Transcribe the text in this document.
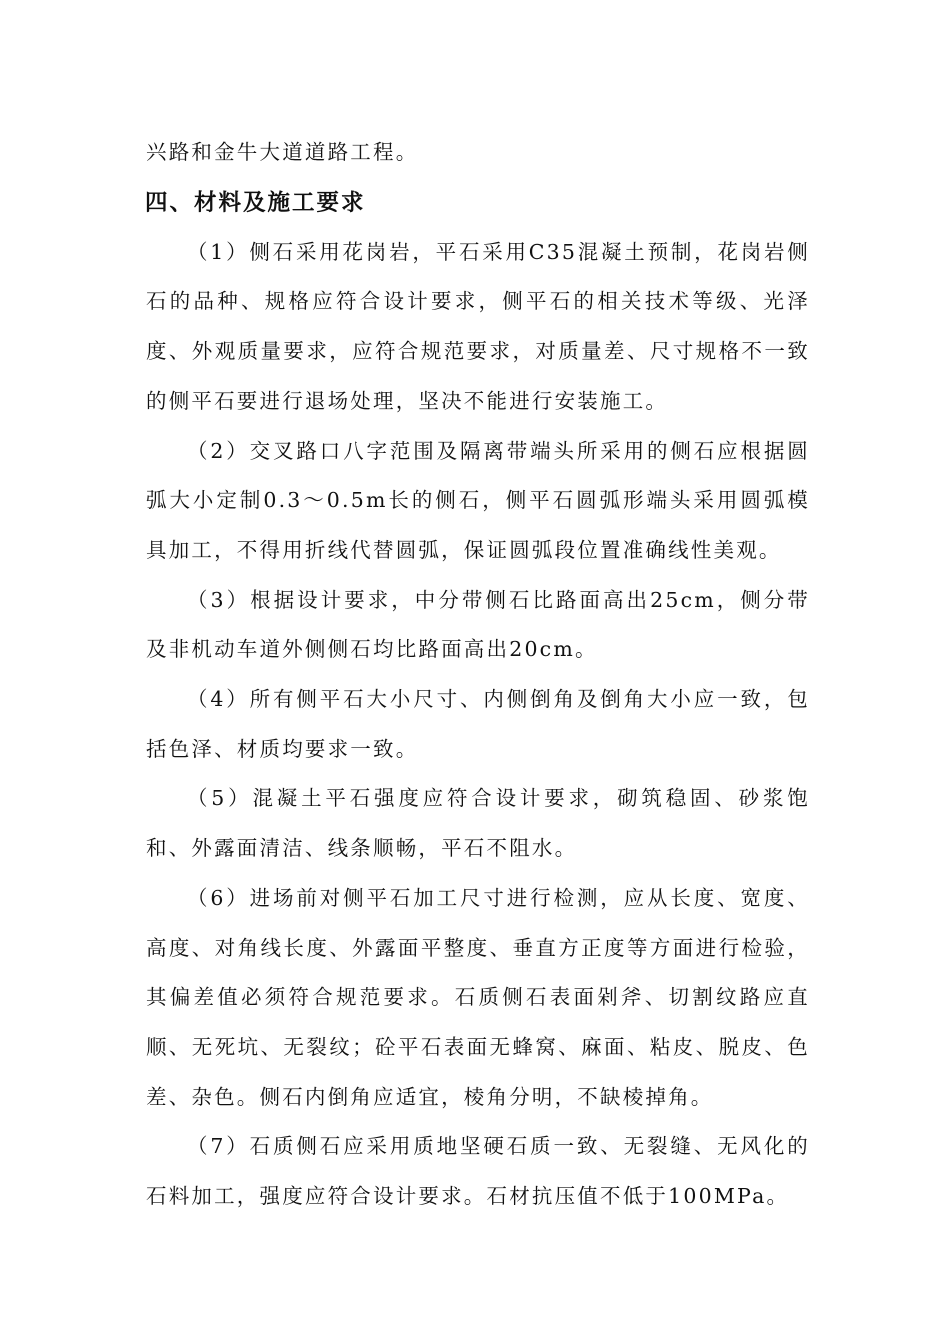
兴路和金牛大道道路工程。

四、材料及施工要求

（1）侧石采用花岗岩，平石采用C35混凝土预制，花岗岩侧石的品种、规格应符合设计要求，侧平石的相关技术等级、光泽度、外观质量要求，应符合规范要求，对质量差、尺寸规格不一致的侧平石要进行退场处理，坚决不能进行安装施工。

（2）交叉路口八字范围及隔离带端头所采用的侧石应根据圆弧大小定制0.3～0.5m长的侧石，侧平石圆弧形端头采用圆弧模具加工，不得用折线代替圆弧，保证圆弧段位置准确线性美观。

（3）根据设计要求，中分带侧石比路面高出25cm，侧分带及非机动车道外侧侧石均比路面高出20cm。

（4）所有侧平石大小尺寸、内侧倒角及倒角大小应一致，包括色泽、材质均要求一致。

（5）混凝土平石强度应符合设计要求，砌筑稳固、砂浆饱和、外露面清洁、线条顺畅，平石不阻水。

（6）进场前对侧平石加工尺寸进行检测，应从长度、宽度、高度、对角线长度、外露面平整度、垂直方正度等方面进行检验，其偏差值必须符合规范要求。石质侧石表面剁斧、切割纹路应直顺、无死坑、无裂纹；砼平石表面无蜂窝、麻面、粘皮、脱皮、色差、杂色。侧石内倒角应适宜，棱角分明，不缺棱掉角。

（7）石质侧石应采用质地坚硬石质一致、无裂缝、无风化的石料加工，强度应符合设计要求。石材抗压值不低于100MPa。
